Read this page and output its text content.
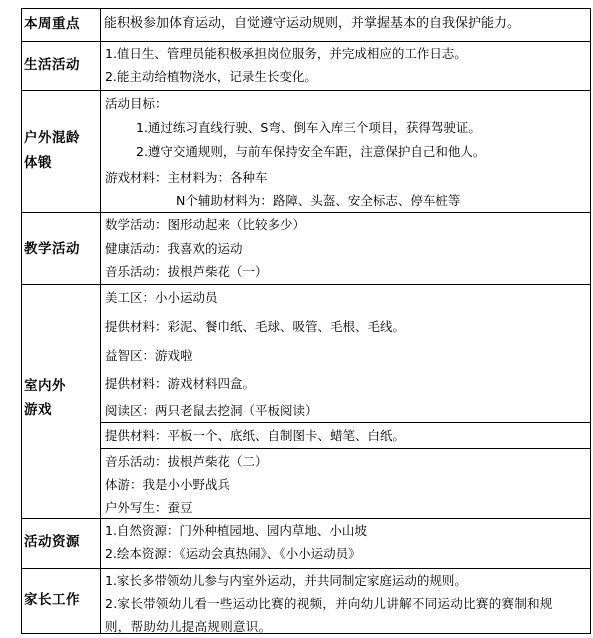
本周重点	能积极参加体育运动，自觉遵守运动规则，并掌握基本的自我保护能力。
生活活动
1.值日生、管理员能积极承担岗位服务，并完成相应的工作日志。
2.能主动给植物浇水，记录生长变化。
户外混龄
体锻
活动目标：
1.通过练习直线行驶、S弯、倒车入库三个项目，获得驾驶证。
2.遵守交通规则，与前车保持安全车距，注意保护自己和他人。
游戏材料：主材料为：各种车
N个辅助材料为：路障、头盔、安全标志、停车桩等
教学活动
数学活动：图形动起来（比较多少）
健康活动：我喜欢的运动
音乐活动：拔根芦柴花（一）
室内外
游戏
美工区：小小运动员
提供材料：彩泥、餐巾纸、毛球、吸管、毛根、毛线。
益智区：游戏啦
提供材料：游戏材料四盒。
阅读区：两只老鼠去挖洞（平板阅读）
提供材料：平板一个、底纸、自制图卡、蜡笔、白纸。
音乐活动：拔根芦柴花（二）
体游：我是小小野战兵
户外写生：蚕豆
活动资源
1.自然资源：门外种植园地、园内草地、小山坡
2.绘本资源：《运动会真热闹》、《小小运动员》
家长工作
1.家长多带领幼儿参与内室外运动，并共同制定家庭运动的规则。
2.家长带领幼儿看一些运动比赛的视频，并向幼儿讲解不同运动比赛的赛制和规则，帮助幼儿提高规则意识。
